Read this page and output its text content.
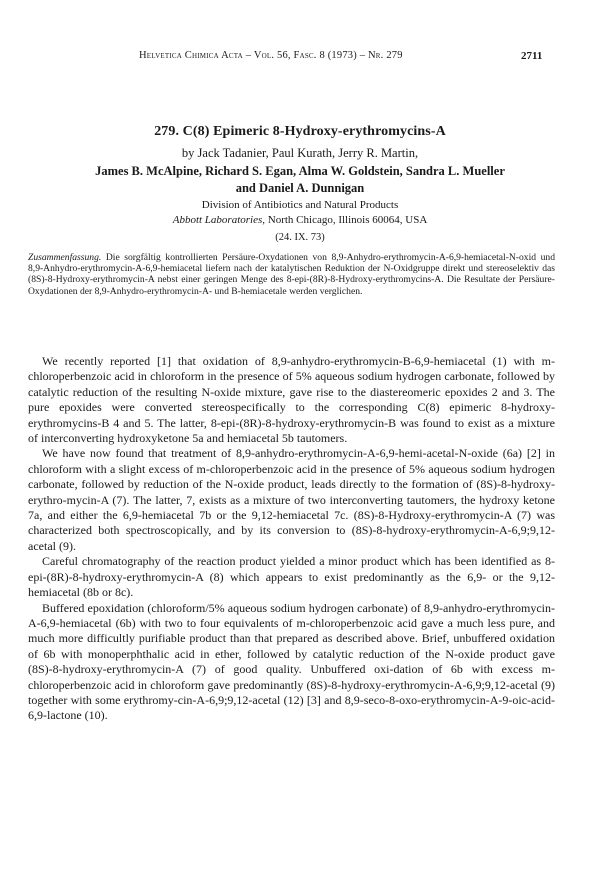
Helvetica Chimica Acta – Vol. 56, Fasc. 8 (1973) – Nr. 279	2711
279. C(8) Epimeric 8-Hydroxy-erythromycins-A
by Jack Tadanier, Paul Kurath, Jerry R. Martin,
James B. McAlpine, Richard S. Egan, Alma W. Goldstein, Sandra L. Mueller
and Daniel A. Dunnigan
Division of Antibiotics and Natural Products
Abbott Laboratories, North Chicago, Illinois 60064, USA
(24. IX. 73)
Zusammenfassung. Die sorgfältig kontrollierten Persäure-Oxydationen von 8,9-Anhydro-erythromycin-A-6,9-hemiacetal-N-oxid und 8,9-Anhydro-erythromycin-A-6,9-hemiacetal liefern nach der katalytischen Reduktion der N-Oxidgruppe direkt und stereoselektiv das (8S)-8-Hydroxy-erythromycin-A nebst einer geringen Menge des 8-epi-(8R)-8-Hydroxy-erythromycins-A. Die Resultate der Persäure-Oxydationen der 8,9-Anhydro-erythromycin-A- und B-hemiacetale werden verglichen.

We recently reported [1] that oxidation of 8,9-anhydro-erythromycin-B-6,9-hemiacetal (1) with m-chloroperbenzoic acid in chloroform in the presence of 5% aqueous sodium hydrogen carbonate, followed by catalytic reduction of the resulting N-oxide mixture, gave rise to the diastereomeric epoxides 2 and 3. The pure epoxides were converted stereospecifically to the corresponding C(8) epimeric 8-hydroxy-erythromycins-B 4 and 5. The latter, 8-epi-(8R)-8-hydroxy-erythromycin-B was found to exist as a mixture of interconverting hydroxyketone 5a and hemiacetal 5b tautomers.

We have now found that treatment of 8,9-anhydro-erythromycin-A-6,9-hemi-acetal-N-oxide (6a) [2] in chloroform with a slight excess of m-chloroperbenzoic acid in the presence of 5% aqueous sodium hydrogen carbonate, followed by reduction of the N-oxide product, leads directly to the formation of (8S)-8-hydroxy-erythro-mycin-A (7). The latter, 7, exists as a mixture of two interconverting tautomers, the hydroxy ketone 7a, and either the 6,9-hemiacetal 7b or the 9,12-hemiacetal 7c. (8S)-8-Hydroxy-erythromycin-A (7) was characterized both spectroscopically, and by its conversion to (8S)-8-hydroxy-erythromycin-A-6,9;9,12-acetal (9).

Careful chromatography of the reaction product yielded a minor product which has been identified as 8-epi-(8R)-8-hydroxy-erythromycin-A (8) which appears to exist predominantly as the 6,9- or the 9,12-hemiacetal (8b or 8c).

Buffered epoxidation (chloroform/5% aqueous sodium hydrogen carbonate) of 8,9-anhydro-erythromycin-A-6,9-hemiacetal (6b) with two to four equivalents of m-chloroperbenzoic acid gave a much less pure, and much more difficultly purifiable product than that prepared as described above. Brief, unbuffered oxidation of 6b with monoperphthalic acid in ether, followed by catalytic reduction of the N-oxide product gave (8S)-8-hydroxy-erythromycin-A (7) of good quality. Unbuffered oxi-dation of 6b with excess m-chloroperbenzoic acid in chloroform gave predominantly (8S)-8-hydroxy-erythromycin-A-6,9;9,12-acetal (9) together with some erythromy-cin-A-6,9;9,12-acetal (12) [3] and 8,9-seco-8-oxo-erythromycin-A-9-oic-acid-6,9-lactone (10).
